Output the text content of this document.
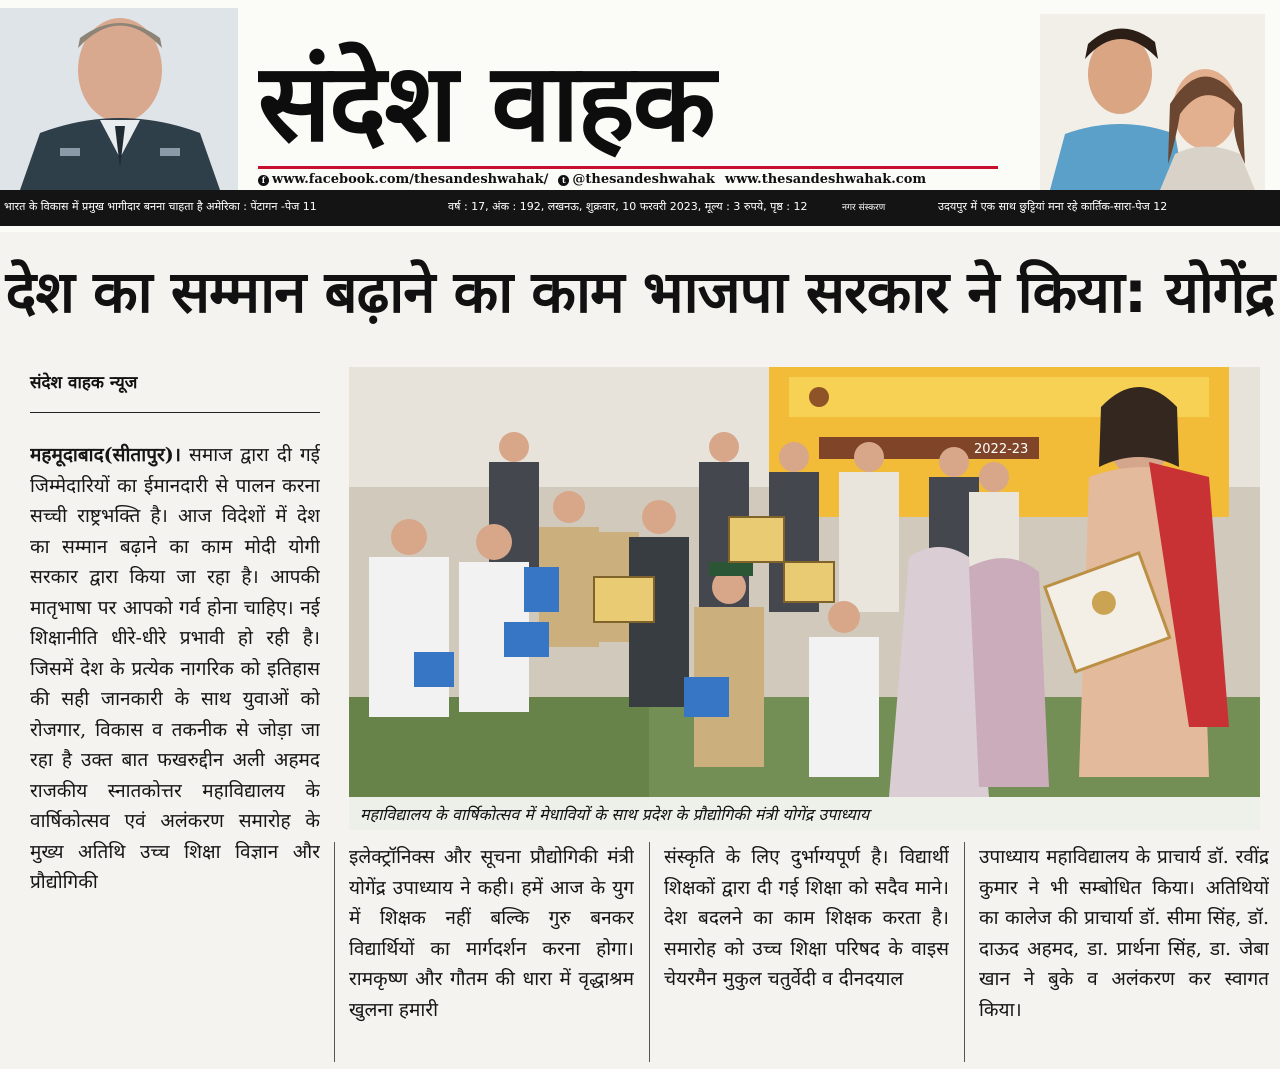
संदेश वाहक
f www.facebook.com/thesandeshwahak/	t @thesandeshwahak www.thesandeshwahak.com
भारत के विकास में प्रमुख भागीदार बनना चाहता है अमेरिका : पेंटागन -पेज 11	वर्ष : 17, अंक : 192, लखनऊ, शुक्रवार, 10 फरवरी 2023, मूल्य : 3 रुपये, पृष्ठ : 12	नगर संस्करण	उदयपुर में एक साथ छुट्टियां मना रहे कार्तिक-सारा-पेज 12
देश का सम्मान बढ़ाने का काम भाजपा सरकार ने किया: योगेंद्र
संदेश वाहक न्यूज
महमूदाबाद(सीतापुर)। समाज द्वारा दी गई जिम्मेदारियों का ईमानदारी से पालन करना सच्ची राष्ट्रभक्ति है। आज विदेशों में देश का सम्मान बढ़ाने का काम मोदी योगी सरकार द्वारा किया जा रहा है। आपकी मातृभाषा पर आपको गर्व होना चाहिए। नई शिक्षानीति धीरे-धीरे प्रभावी हो रही है। जिसमें देश के प्रत्येक नागरिक को इतिहास की सही जानकारी के साथ युवाओं को रोजगार, विकास व तकनीक से जोड़ा जा रहा है उक्त बात फखरुद्दीन अली अहमद राजकीय स्नातकोत्तर महाविद्यालय के वार्षिकोत्सव एवं अलंकरण समारोह के मुख्य अतिथि उच्च शिक्षा विज्ञान और प्रौद्योगिकी
महाविद्यालय के वार्षिकोत्सव में मेधावियों के साथ प्रदेश के प्रौद्योगिकी मंत्री योगेंद्र उपाध्याय
इलेक्ट्रॉनिक्स और सूचना प्रौद्योगिकी मंत्री योगेंद्र उपाध्याय ने कही। हमें आज के युग में शिक्षक नहीं बल्कि गुरु बनकर विद्यार्थियों का मार्गदर्शन करना होगा। रामकृष्ण और गौतम की धारा में वृद्धाश्रम खुलना हमारी
संस्कृति के लिए दुर्भाग्यपूर्ण है। विद्यार्थी शिक्षकों द्वारा दी गई शिक्षा को सदैव माने। देश बदलने का काम शिक्षक करता है।समारोह को उच्च शिक्षा परिषद के वाइस चेयरमैन मुकुल चतुर्वेदी व दीनदयाल
उपाध्याय महाविद्यालय के प्राचार्य डॉ. रवींद्र कुमार ने भी सम्बोधित किया। अतिथियों का कालेज की प्राचार्या डॉ. सीमा सिंह, डॉ. दाऊद अहमद, डा. प्रार्थना सिंह, डा. जेबा खान ने बुके व अलंकरण कर स्वागत किया।
